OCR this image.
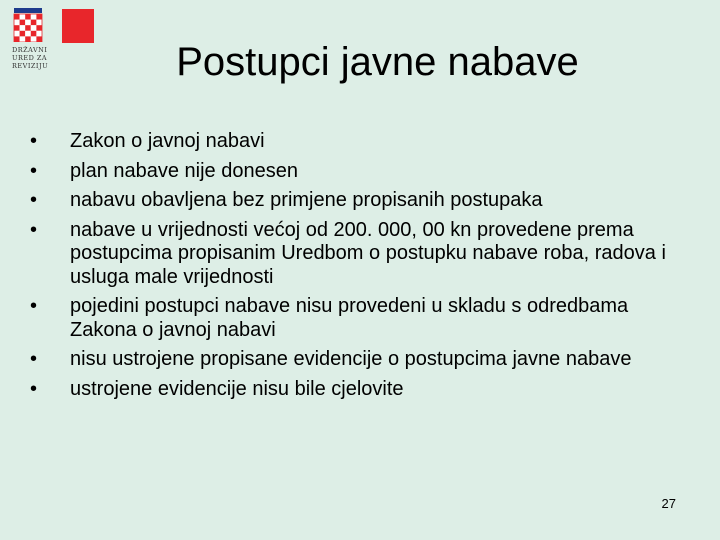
DRŽAVNI
URED ZA
REVIZIJU	Postupci javne nabave
• Zakon o javnoj nabavi
• plan nabave nije donesen
• nabavu obavljena bez primjene propisanih postupaka
• nabave u vrijednosti većoj od 200. 000, 00 kn provedene prema postupcima propisanim Uredbom o postupku nabave roba, radova i usluga male vrijednosti
• pojedini postupci nabave nisu provedeni u skladu s odredbama Zakona o javnoj nabavi
• nisu ustrojene propisane evidencije o postupcima javne nabave
• ustrojene evidencije nisu bile cjelovite
27
